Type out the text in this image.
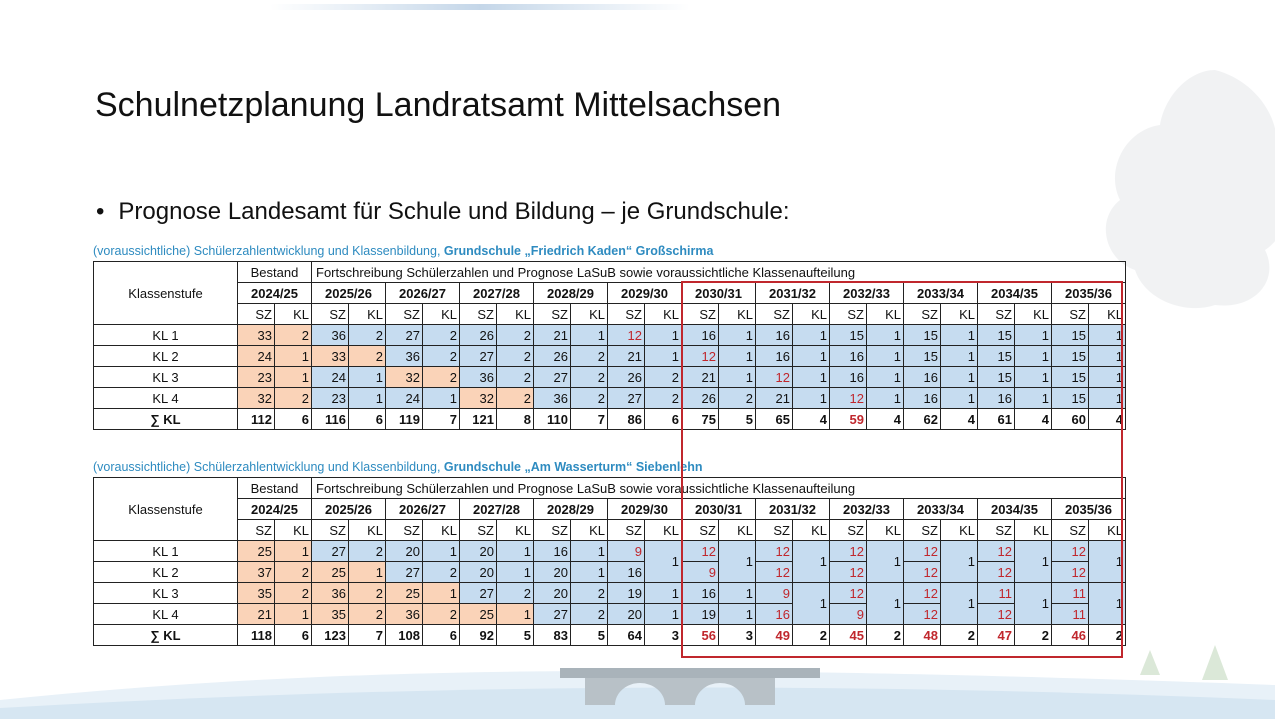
Schulnetzplanung Landratsamt Mittelsachsen
• Prognose Landesamt für Schule und Bildung – je Grundschule:
(voraussichtliche) Schülerzahlentwicklung und Klassenbildung, Grundschule „Friedrich Kaden“ Großschirma
Klassenstufe	Bestand		Fortschreibung Schülerzahlen und Prognose LaSuB sowie voraussichtliche Klassenaufteilung																					
	2024/25		2025/26		2026/27		2027/28		2028/29		2029/30		2030/31		2031/32		2032/33		2033/34		2034/35		2035/36	
	SZ	KL	SZ	KL	SZ	KL	SZ	KL	SZ	KL	SZ	KL	SZ	KL	SZ	KL	SZ	KL	SZ	KL	SZ	KL	SZ	KL
KL 1	33	2	36	2	27	2	26	2	21	1	12	1	16	1	16	1	15	1	15	1	15	1	15	1
KL 2	24	1	33	2	36	2	27	2	26	2	21	1	12	1	16	1	16	1	15	1	15	1	15	1
KL 3	23	1	24	1	32	2	36	2	27	2	26	2	21	1	12	1	16	1	16	1	15	1	15	1
KL 4	32	2	23	1	24	1	32	2	36	2	27	2	26	2	21	1	12	1	16	1	16	1	15	1
∑ KL	112	6	116	6	119	7	121	8	110	7	86	6	75	5	65	4	59	4	62	4	61	4	60	4
(voraussichtliche) Schülerzahlentwicklung und Klassenbildung, Grundschule „Am Wasserturm“ Siebenlehn
Klassenstufe	Bestand		Fortschreibung Schülerzahlen und Prognose LaSuB sowie voraussichtliche Klassenaufteilung																					
	2024/25		2025/26		2026/27		2027/28		2028/29		2029/30		2030/31		2031/32		2032/33		2033/34		2034/35		2035/36	
	SZ	KL	SZ	KL	SZ	KL	SZ	KL	SZ	KL	SZ	KL	SZ	KL	SZ	KL	SZ	KL	SZ	KL	SZ	KL	SZ	KL
KL 1	25	1	27	2	20	1	20	1	16	1	9	1	12	1	12	1	12	1	12	1	12	1	12	1
KL 2	37	2	25	1	27	2	20	1	20	1	16		9		12		12		12		12		12	
KL 3	35	2	36	2	25	1	27	2	20	2	19	1	16	1	9	1	12	1	12	1	11	1	11	1
KL 4	21	1	35	2	36	2	25	1	27	2	20	1	19	1	16		9		12		12		11	
∑ KL	118	6	123	7	108	6	92	5	83	5	64	3	56	3	49	2	45	2	48	2	47	2	46	2
